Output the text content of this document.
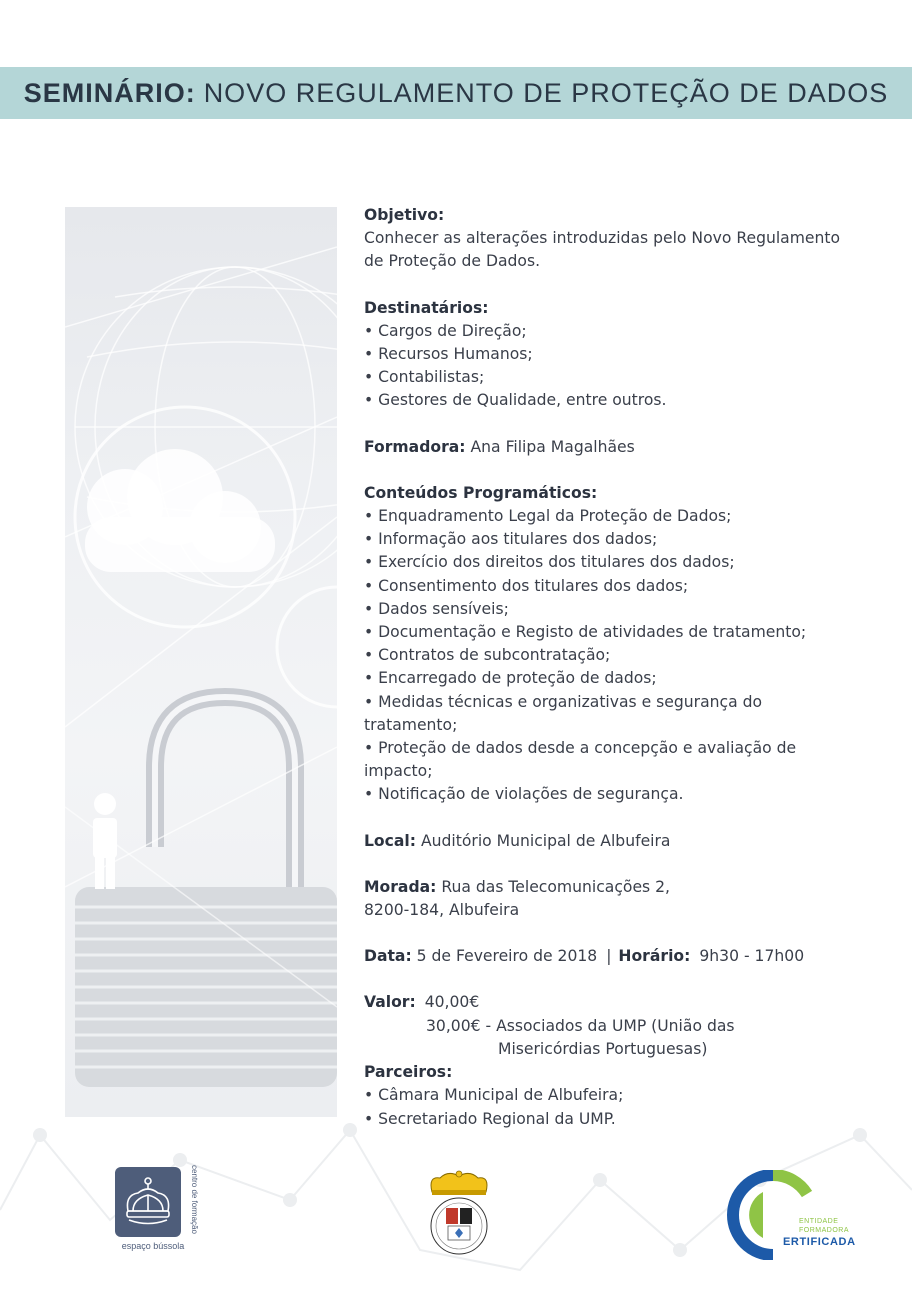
SEMINÁRIO: NOVO REGULAMENTO DE PROTEÇÃO DE DADOS

Objetivo:

Conhecer as alterações introduzidas pelo Novo Regulamento

de Proteção de Dados.

Destinatários:

• Cargos de Direção;

• Recursos Humanos;

• Contabilistas;

• Gestores de Qualidade, entre outros.

Formadora: Ana Filipa Magalhães

Conteúdos Programáticos:

• Enquadramento Legal da Proteção de Dados;

• Informação aos titulares dos dados;

• Exercício dos direitos dos titulares dos dados;

• Consentimento dos titulares dos dados;

• Dados sensíveis;

• Documentação e Registo de atividades de tratamento;

• Contratos de subcontratação;

• Encarregado de proteção de dados;

• Medidas técnicas e organizativas e segurança do

tratamento;

• Proteção de dados desde a concepção e avaliação de

impacto;

• Notificação de violações de segurança.

Local: Auditório Municipal de Albufeira

Morada: Rua das Telecomunicações 2,

8200-184, Albufeira

Data: 5 de Fevereiro de 2018 | Horário: 9h30 - 17h00

Valor: 40,00€

30,00€ - Associados da UMP (União das

Misericórdias Portuguesas)

Parceiros:

• Câmara Municipal de Albufeira;

• Secretariado Regional da UMP.

espaço bússola
centro de formação	DGERT	ENTIDADE
FORMADORA
ERTIFICADA
